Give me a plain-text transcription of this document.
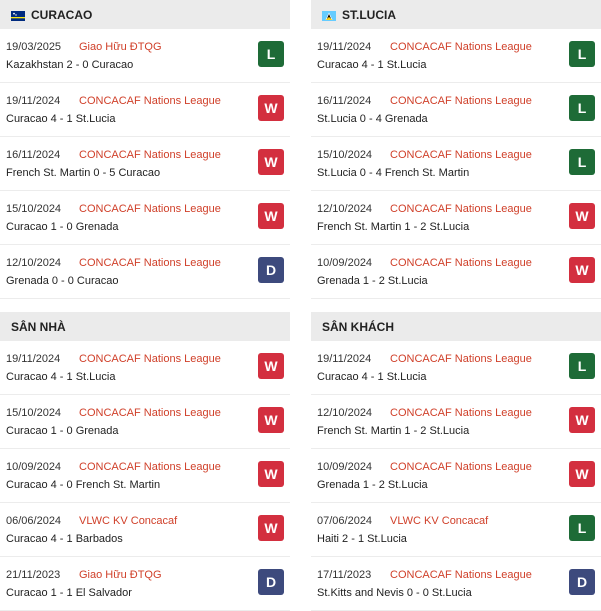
CURACAO
19/03/2025 Giao Hữu ĐTQG
Kazakhstan 2 - 0 Curacao
L
19/11/2024 CONCACAF Nations League
Curacao 4 - 1 St.Lucia
W
16/11/2024 CONCACAF Nations League
French St. Martin 0 - 5 Curacao
W
15/10/2024 CONCACAF Nations League
Curacao 1 - 0 Grenada
W
12/10/2024 CONCACAF Nations League
Grenada 0 - 0 Curacao
D
SÂN NHÀ
19/11/2024 CONCACAF Nations League
Curacao 4 - 1 St.Lucia
W
15/10/2024 CONCACAF Nations League
Curacao 1 - 0 Grenada
W
10/09/2024 CONCACAF Nations League
Curacao 4 - 0 French St. Martin
W
06/06/2024 VLWC KV Concacaf
Curacao 4 - 1 Barbados
W
21/11/2023 Giao Hữu ĐTQG
Curacao 1 - 1 El Salvador
D
ST.LUCIA
19/11/2024 CONCACAF Nations League
Curacao 4 - 1 St.Lucia
L
16/11/2024 CONCACAF Nations League
St.Lucia 0 - 4 Grenada
L
15/10/2024 CONCACAF Nations League
St.Lucia 0 - 4 French St. Martin
L
12/10/2024 CONCACAF Nations League
French St. Martin 1 - 2 St.Lucia
W
10/09/2024 CONCACAF Nations League
Grenada 1 - 2 St.Lucia
W
SÂN KHÁCH
19/11/2024 CONCACAF Nations League
Curacao 4 - 1 St.Lucia
L
12/10/2024 CONCACAF Nations League
French St. Martin 1 - 2 St.Lucia
W
10/09/2024 CONCACAF Nations League
Grenada 1 - 2 St.Lucia
W
07/06/2024 VLWC KV Concacaf
Haiti 2 - 1 St.Lucia
L
17/11/2023 CONCACAF Nations League
St.Kitts and Nevis 0 - 0 St.Lucia
D
